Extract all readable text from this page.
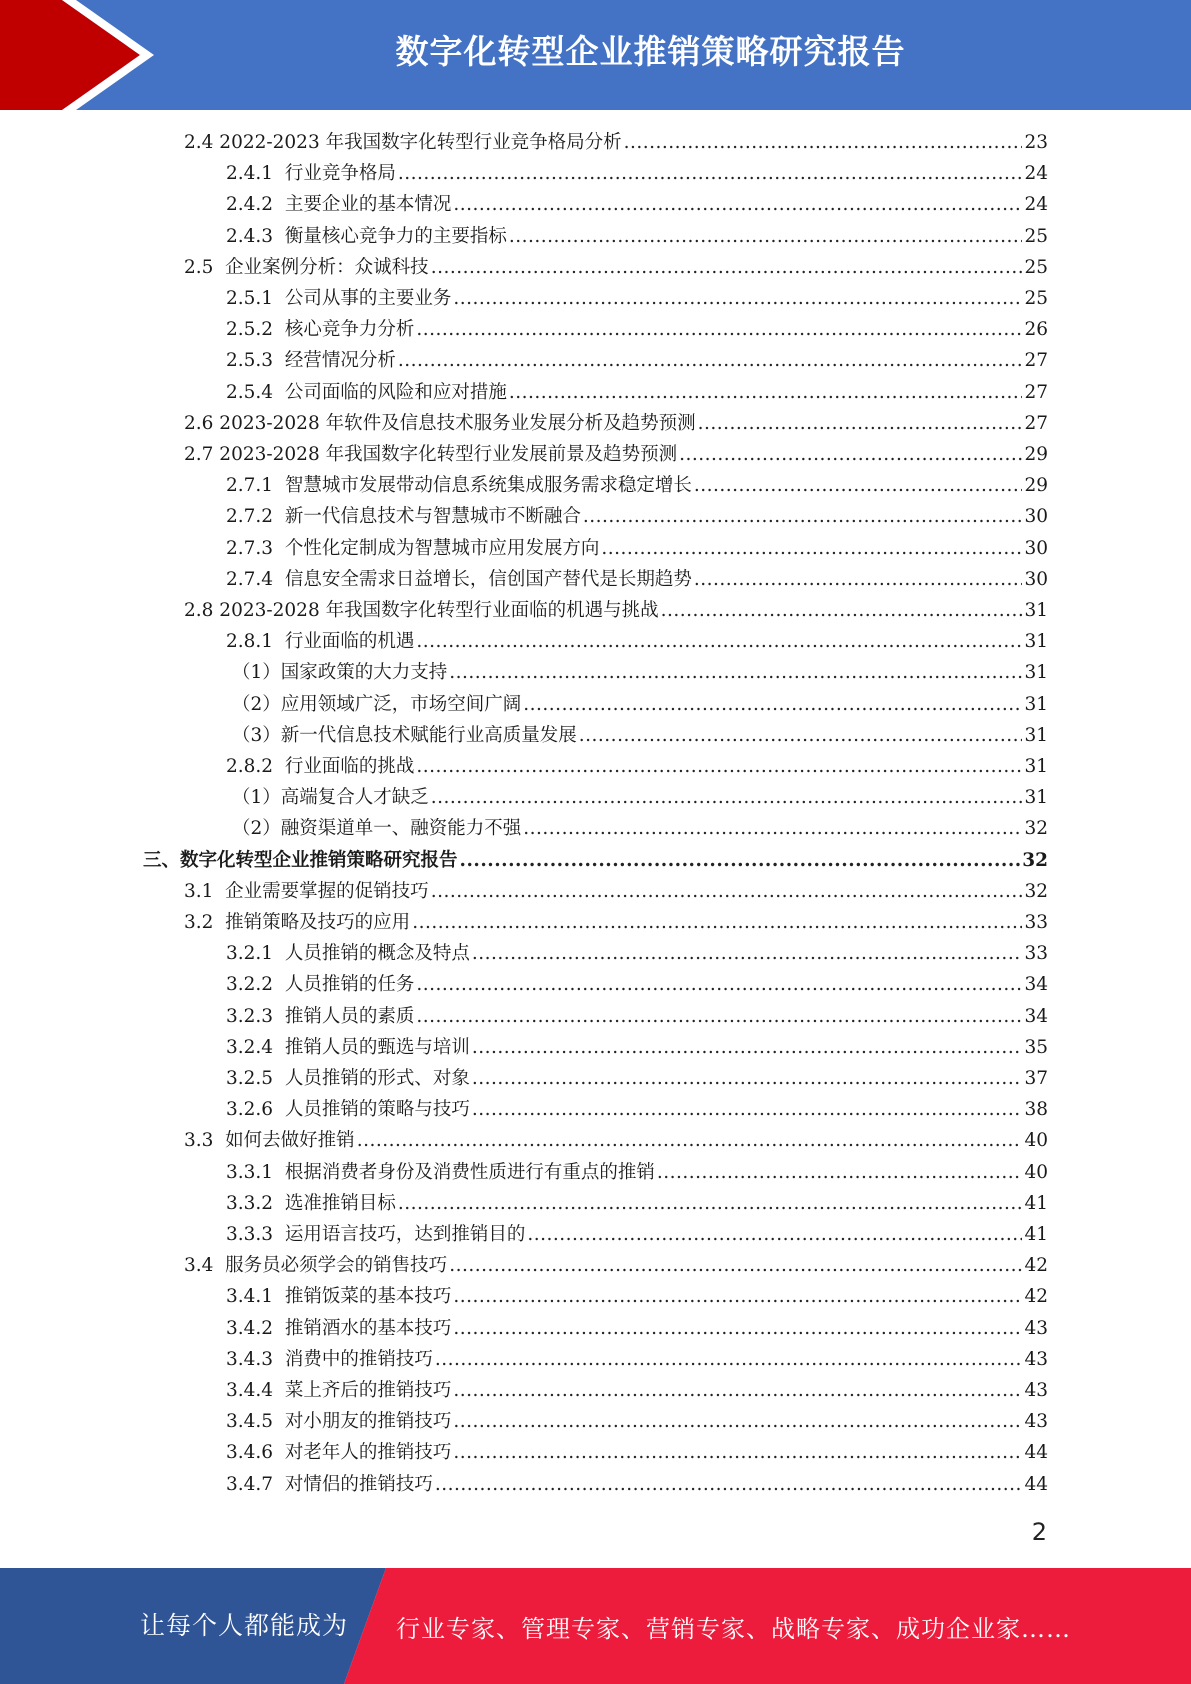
数字化转型企业推销策略研究报告
2.4 2022-2023 年我国数字化转型行业竞争格局分析 .....	23
2.4.1  行业竞争格局 .....	24
2.4.2  主要企业的基本情况 .....	24
2.4.3  衡量核心竞争力的主要指标 .....	25
2.5  企业案例分析：众诚科技 .....	25
2.5.1  公司从事的主要业务 .....	25
2.5.2  核心竞争力分析 .....	26
2.5.3  经营情况分析 .....	27
2.5.4  公司面临的风险和应对措施 .....	27
2.6 2023-2028 年软件及信息技术服务业发展分析及趋势预测 .....	27
2.7 2023-2028 年我国数字化转型行业发展前景及趋势预测 .....	29
2.7.1  智慧城市发展带动信息系统集成服务需求稳定增长 .....	29
2.7.2  新一代信息技术与智慧城市不断融合 .....	30
2.7.3  个性化定制成为智慧城市应用发展方向 .....	30
2.7.4  信息安全需求日益增长，信创国产替代是长期趋势 .....	30
2.8 2023-2028 年我国数字化转型行业面临的机遇与挑战 .....	31
2.8.1  行业面临的机遇 .....	31
（1）国家政策的大力支持 .....	31
（2）应用领域广泛，市场空间广阔 .....	31
（3）新一代信息技术赋能行业高质量发展 .....	31
2.8.2  行业面临的挑战 .....	31
（1）高端复合人才缺乏 .....	31
（2）融资渠道单一、融资能力不强 .....	32
三、数字化转型企业推销策略研究报告 .....	32
3.1  企业需要掌握的促销技巧 .....	32
3.2  推销策略及技巧的应用 .....	33
3.2.1  人员推销的概念及特点 .....	33
3.2.2  人员推销的任务 .....	34
3.2.3  推销人员的素质 .....	34
3.2.4  推销人员的甄选与培训 .....	35
3.2.5  人员推销的形式、对象 .....	37
3.2.6  人员推销的策略与技巧 .....	38
3.3  如何去做好推销 .....	40
3.3.1  根据消费者身份及消费性质进行有重点的推销 .....	40
3.3.2  选准推销目标 .....	41
3.3.3  运用语言技巧，达到推销目的 .....	41
3.4  服务员必须学会的销售技巧 .....	42
3.4.1  推销饭菜的基本技巧 .....	42
3.4.2  推销酒水的基本技巧 .....	43
3.4.3  消费中的推销技巧 .....	43
3.4.4  菜上齐后的推销技巧 .....	43
3.4.5  对小朋友的推销技巧 .....	43
3.4.6  对老年人的推销技巧 .....	44
3.4.7  对情侣的推销技巧 .....	44
2
让每个人都能成为 行业专家、管理专家、营销专家、战略专家、成功企业家……
